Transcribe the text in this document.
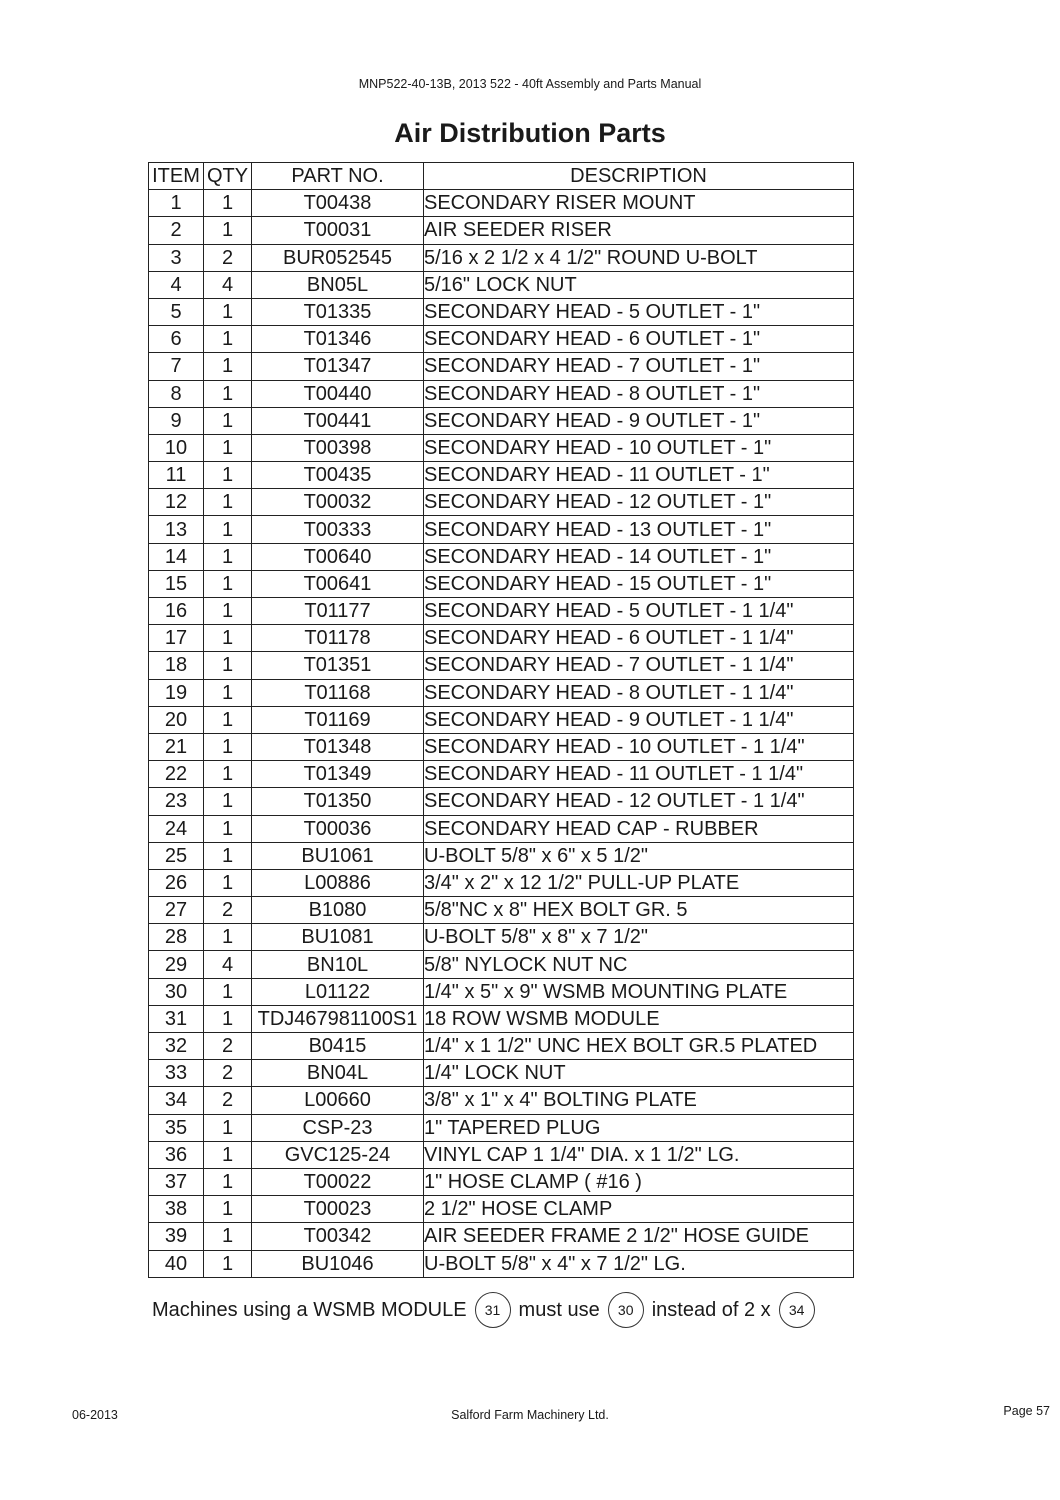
MNP522-40-13B, 2013 522 - 40ft Assembly and Parts Manual
Air Distribution Parts
ITEM	QTY	PART NO.	DESCRIPTION
1	1	T00438	SECONDARY RISER MOUNT
2	1	T00031	AIR SEEDER RISER
3	2	BUR052545	5/16 x 2 1/2 x 4 1/2" ROUND U-BOLT
4	4	BN05L	5/16" LOCK NUT
5	1	T01335	SECONDARY HEAD - 5 OUTLET - 1"
6	1	T01346	SECONDARY HEAD - 6 OUTLET - 1"
7	1	T01347	SECONDARY HEAD - 7 OUTLET - 1"
8	1	T00440	SECONDARY HEAD - 8 OUTLET - 1"
9	1	T00441	SECONDARY HEAD - 9 OUTLET - 1"
10	1	T00398	SECONDARY HEAD - 10 OUTLET - 1"
11	1	T00435	SECONDARY HEAD - 11 OUTLET - 1"
12	1	T00032	SECONDARY HEAD - 12 OUTLET - 1"
13	1	T00333	SECONDARY HEAD - 13 OUTLET - 1"
14	1	T00640	SECONDARY HEAD - 14 OUTLET - 1"
15	1	T00641	SECONDARY HEAD - 15 OUTLET - 1"
16	1	T01177	SECONDARY HEAD - 5 OUTLET - 1 1/4"
17	1	T01178	SECONDARY HEAD - 6 OUTLET - 1 1/4"
18	1	T01351	SECONDARY HEAD - 7 OUTLET - 1 1/4"
19	1	T01168	SECONDARY HEAD - 8 OUTLET - 1 1/4"
20	1	T01169	SECONDARY HEAD - 9 OUTLET - 1 1/4"
21	1	T01348	SECONDARY HEAD - 10 OUTLET - 1 1/4"
22	1	T01349	SECONDARY HEAD - 11 OUTLET - 1 1/4"
23	1	T01350	SECONDARY HEAD - 12 OUTLET - 1 1/4"
24	1	T00036	SECONDARY HEAD CAP - RUBBER
25	1	BU1061	U-BOLT 5/8" x 6" x 5 1/2"
26	1	L00886	3/4" x 2" x 12 1/2" PULL-UP PLATE
27	2	B1080	5/8"NC x 8" HEX BOLT GR. 5
28	1	BU1081	U-BOLT 5/8" x 8" x 7 1/2"
29	4	BN10L	5/8" NYLOCK NUT NC
30	1	L01122	1/4" x 5" x 9" WSMB MOUNTING PLATE
31	1	TDJ467981100S1	18 ROW WSMB MODULE
32	2	B0415	1/4" x 1 1/2" UNC HEX BOLT GR.5 PLATED
33	2	BN04L	1/4" LOCK NUT
34	2	L00660	3/8" x 1" x 4" BOLTING PLATE
35	1	CSP-23	1" TAPERED PLUG
36	1	GVC125-24	VINYL CAP 1 1/4" DIA. x 1 1/2" LG.
37	1	T00022	1" HOSE CLAMP ( #16 )
38	1	T00023	2 1/2" HOSE CLAMP
39	1	T00342	AIR SEEDER FRAME 2 1/2" HOSE GUIDE
40	1	BU1046	U-BOLT 5/8" x 4" x 7 1/2" LG.
Machines using a WSMB MODULE	31 must use	30 instead of 2 x	34
06-2013	Salford Farm Machinery Ltd.	Page 57
